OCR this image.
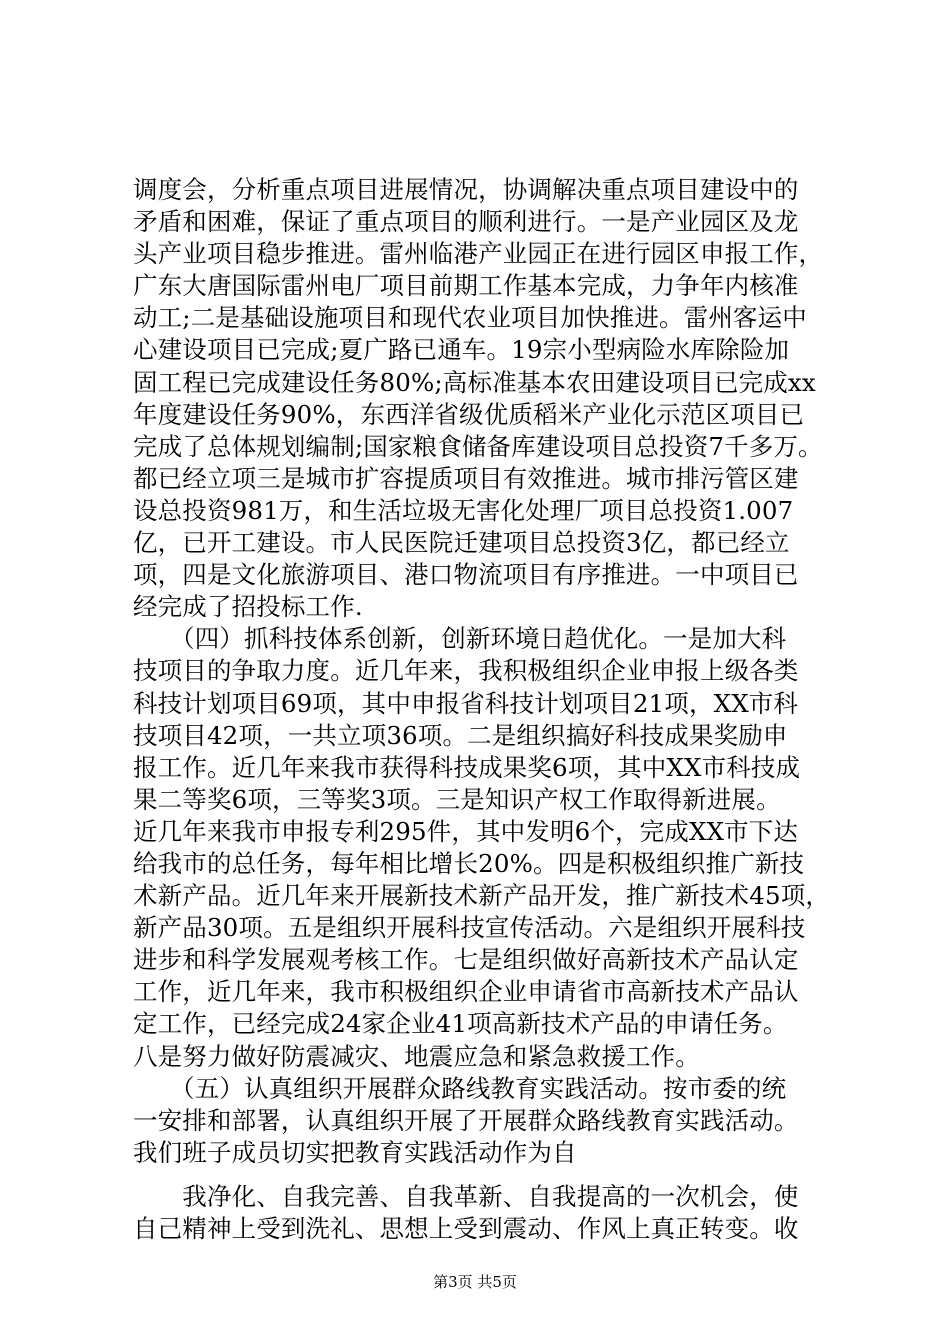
调度会，分析重点项目进展情况，协调解决重点项目建设中的
矛盾和困难，保证了重点项目的顺利进行。一是产业园区及龙
头产业项目稳步推进。雷州临港产业园正在进行园区申报工作，
广东大唐国际雷州电厂项目前期工作基本完成，力争年内核准
动工;二是基础设施项目和现代农业项目加快推进。雷州客运中
心建设项目已完成;夏广路已通车。19宗小型病险水库除险加
固工程已完成建设任务80%;高标准基本农田建设项目已完成xx
年度建设任务90%，东西洋省级优质稻米产业化示范区项目已
完成了总体规划编制;国家粮食储备库建设项目总投资7千多万。
都已经立项三是城市扩容提质项目有效推进。城市排污管区建
设总投资981万，和生活垃圾无害化处理厂项目总投资1.007
亿，已开工建设。市人民医院迁建项目总投资3亿，都已经立
项，四是文化旅游项目、港口物流项目有序推进。一中项目已
经完成了招投标工作.
　　（四）抓科技体系创新，创新环境日趋优化。一是加大科
技项目的争取力度。近几年来，我积极组织企业申报上级各类
科技计划项目69项，其中申报省科技计划项目21项，XX市科
技项目42项，一共立项36项。二是组织搞好科技成果奖励申
报工作。近几年来我市获得科技成果奖6项，其中XX市科技成
果二等奖6项，三等奖3项。三是知识产权工作取得新进展。
近几年来我市申报专利295件，其中发明6个，完成XX市下达
给我市的总任务，每年相比增长20%。四是积极组织推广新技
术新产品。近几年来开展新技术新产品开发，推广新技术45项，
新产品30项。五是组织开展科技宣传活动。六是组织开展科技
进步和科学发展观考核工作。七是组织做好高新技术产品认定
工作，近几年来，我市积极组织企业申请省市高新技术产品认
定工作，已经完成24家企业41项高新技术产品的申请任务。
八是努力做好防震减灾、地震应急和紧急救援工作。
　　（五）认真组织开展群众路线教育实践活动。按市委的统
一安排和部署，认真组织开展了开展群众路线教育实践活动。
我们班子成员切实把教育实践活动作为自
　　我净化、自我完善、自我革新、自我提高的一次机会，使
自己精神上受到洗礼、思想上受到震动、作风上真正转变。收
第3页 共5页
